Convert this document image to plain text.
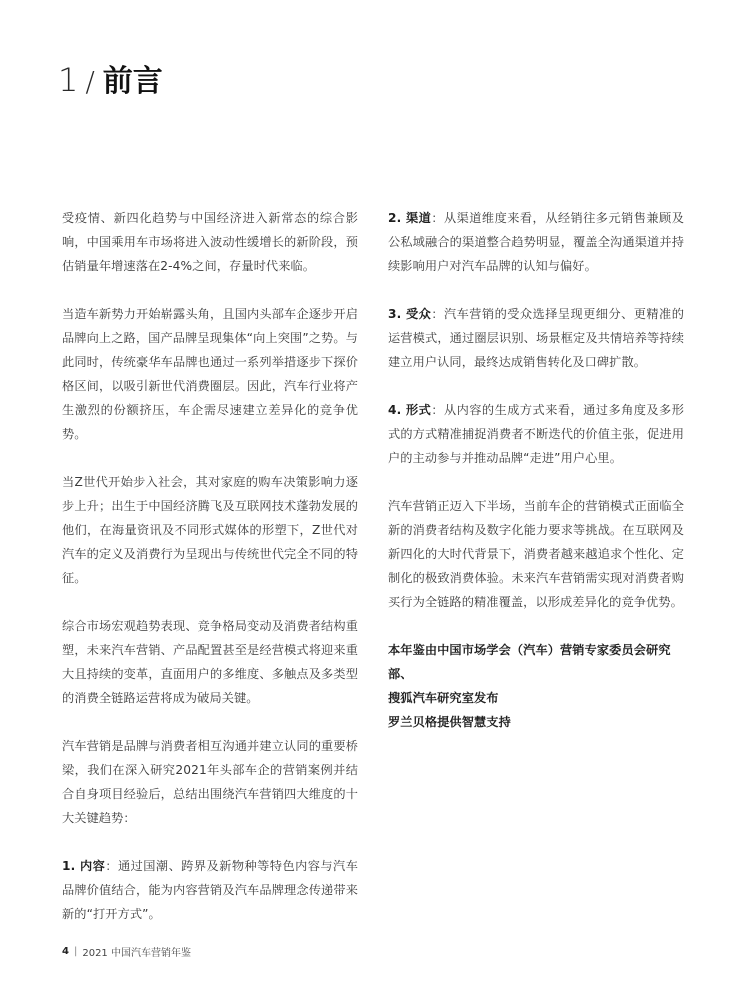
1 / 前言

受疫情、新四化趋势与中国经济进入新常态的综合影响，中国乘用车市场将进入波动性缓增长的新阶段，预估销量年增速落在2-4%之间，存量时代来临。

当造车新势力开始崭露头角，且国内头部车企逐步开启品牌向上之路，国产品牌呈现集体“向上突围”之势。与此同时，传统豪华车品牌也通过一系列举措逐步下探价格区间，以吸引新世代消费圈层。因此，汽车行业将产生激烈的份额挤压，车企需尽速建立差异化的竞争优势。

当Z世代开始步入社会，其对家庭的购车决策影响力逐步上升；出生于中国经济腾飞及互联网技术蓬勃发展的他们，在海量资讯及不同形式媒体的形塑下，Z世代对汽车的定义及消费行为呈现出与传统世代完全不同的特征。

综合市场宏观趋势表现、竞争格局变动及消费者结构重塑，未来汽车营销、产品配置甚至是经营模式将迎来重大且持续的变革，直面用户的多维度、多触点及多类型的消费全链路运营将成为破局关键。

汽车营销是品牌与消费者相互沟通并建立认同的重要桥梁，我们在深入研究2021年头部车企的营销案例并结合自身项目经验后，总结出围绕汽车营销四大维度的十大关键趋势：

1. 内容：通过国潮、跨界及新物种等特色内容与汽车品牌价值结合，能为内容营销及汽车品牌理念传递带来新的“打开方式”。

2. 渠道：从渠道维度来看，从经销往多元销售兼顾及公私域融合的渠道整合趋势明显，覆盖全沟通渠道并持续影响用户对汽车品牌的认知与偏好。

3. 受众：汽车营销的受众选择呈现更细分、更精准的运营模式，通过圈层识别、场景框定及共情培养等持续建立用户认同，最终达成销售转化及口碑扩散。

4. 形式：从内容的生成方式来看，通过多角度及多形式的方式精准捕捉消费者不断迭代的价值主张，促进用户的主动参与并推动品牌“走进”用户心里。

汽车营销正迈入下半场，当前车企的营销模式正面临全新的消费者结构及数字化能力要求等挑战。在互联网及新四化的大时代背景下，消费者越来越追求个性化、定制化的极致消费体验。未来汽车营销需实现对消费者购买行为全链路的精准覆盖，以形成差异化的竞争优势。

本年鉴由中国市场学会（汽车）营销专家委员会研究部、
搜狐汽车研究室发布
罗兰贝格提供智慧支持
4 | 2021 中国汽车营销年鉴
